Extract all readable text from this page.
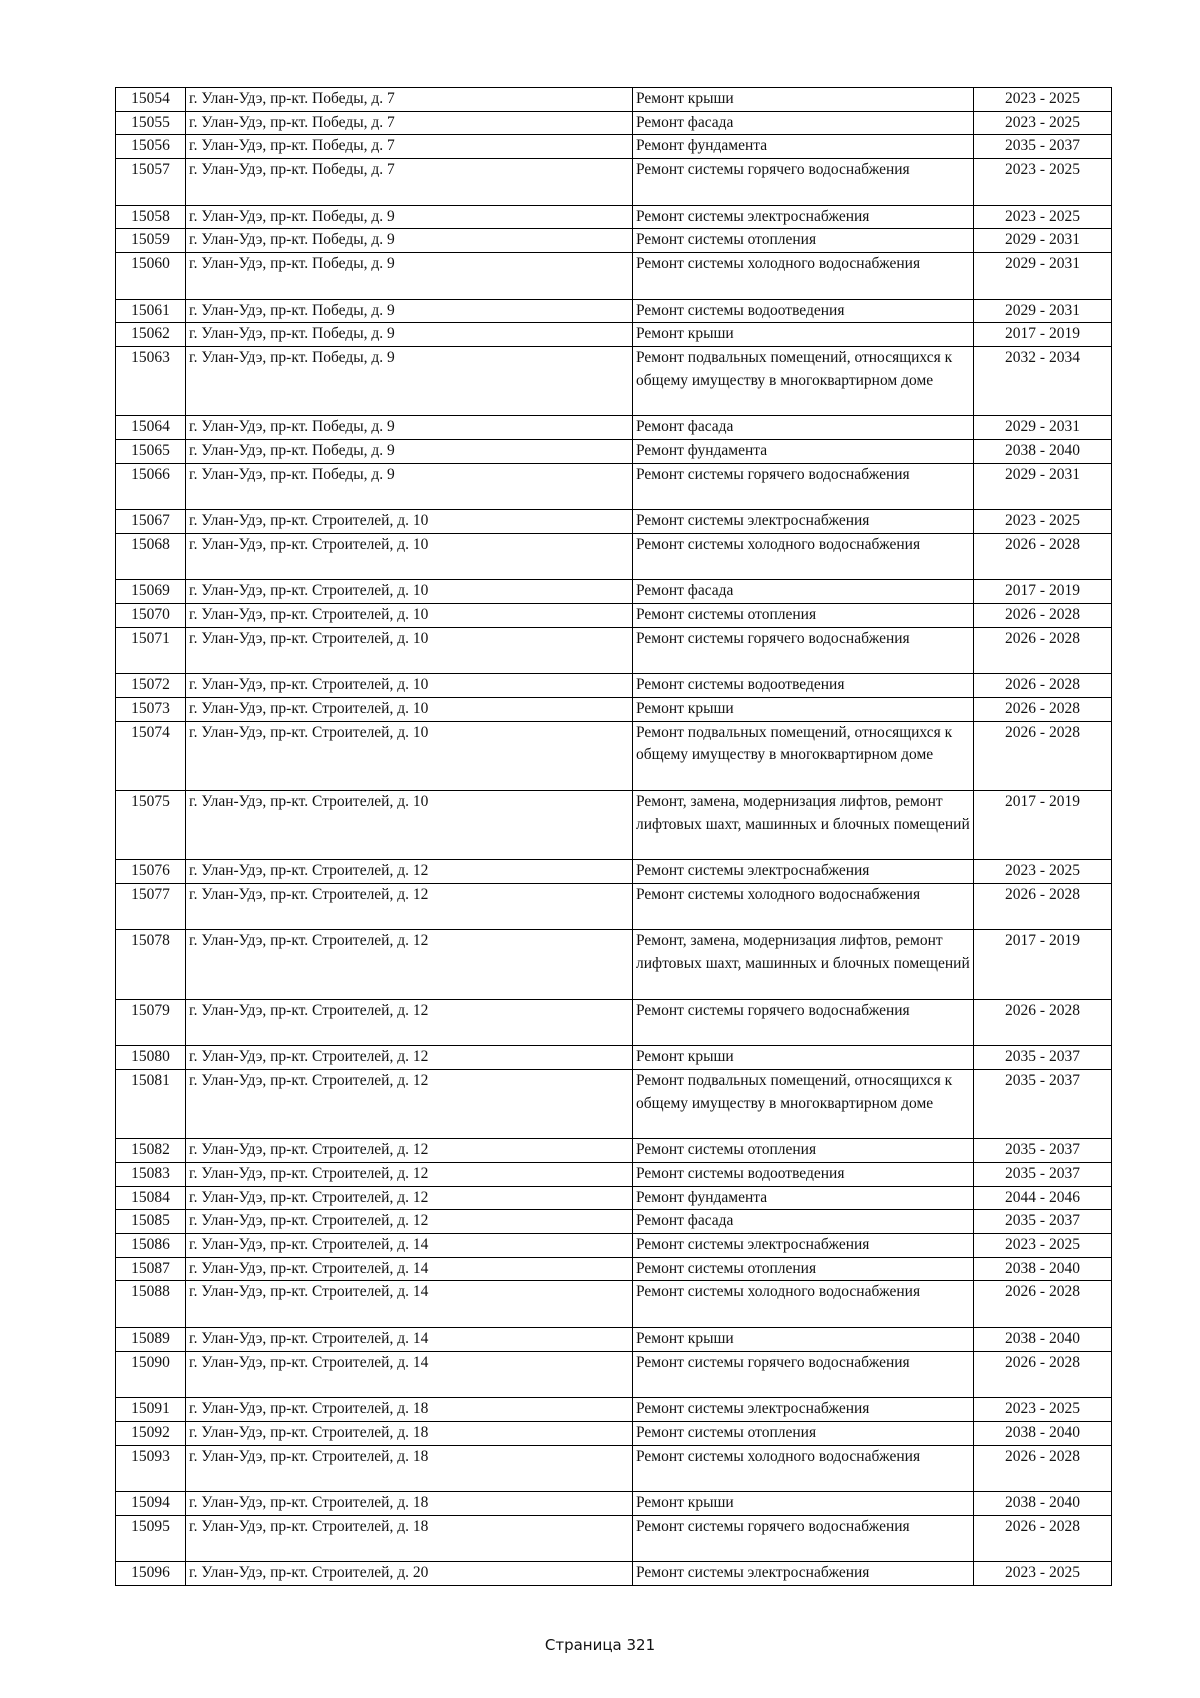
15054	г. Улан-Удэ, пр-кт. Победы, д. 7	Ремонт крыши	2023 - 2025
15055	г. Улан-Удэ, пр-кт. Победы, д. 7	Ремонт фасада	2023 - 2025
15056	г. Улан-Удэ, пр-кт. Победы, д. 7	Ремонт фундамента	2035 - 2037
15057	г. Улан-Удэ, пр-кт. Победы, д. 7	Ремонт системы горячего водоснабжения	2023 - 2025
15058	г. Улан-Удэ, пр-кт. Победы, д. 9	Ремонт системы электроснабжения	2023 - 2025
15059	г. Улан-Удэ, пр-кт. Победы, д. 9	Ремонт системы отопления	2029 - 2031
15060	г. Улан-Удэ, пр-кт. Победы, д. 9	Ремонт системы холодного водоснабжения	2029 - 2031
15061	г. Улан-Удэ, пр-кт. Победы, д. 9	Ремонт системы водоотведения	2029 - 2031
15062	г. Улан-Удэ, пр-кт. Победы, д. 9	Ремонт крыши	2017 - 2019
15063	г. Улан-Удэ, пр-кт. Победы, д. 9	Ремонт подвальных помещений, относящихся к общему имуществу в многоквартирном доме	2032 - 2034
15064	г. Улан-Удэ, пр-кт. Победы, д. 9	Ремонт фасада	2029 - 2031
15065	г. Улан-Удэ, пр-кт. Победы, д. 9	Ремонт фундамента	2038 - 2040
15066	г. Улан-Удэ, пр-кт. Победы, д. 9	Ремонт системы горячего водоснабжения	2029 - 2031
15067	г. Улан-Удэ, пр-кт. Строителей, д. 10	Ремонт системы электроснабжения	2023 - 2025
15068	г. Улан-Удэ, пр-кт. Строителей, д. 10	Ремонт системы холодного водоснабжения	2026 - 2028
15069	г. Улан-Удэ, пр-кт. Строителей, д. 10	Ремонт фасада	2017 - 2019
15070	г. Улан-Удэ, пр-кт. Строителей, д. 10	Ремонт системы отопления	2026 - 2028
15071	г. Улан-Удэ, пр-кт. Строителей, д. 10	Ремонт системы горячего водоснабжения	2026 - 2028
15072	г. Улан-Удэ, пр-кт. Строителей, д. 10	Ремонт системы водоотведения	2026 - 2028
15073	г. Улан-Удэ, пр-кт. Строителей, д. 10	Ремонт крыши	2026 - 2028
15074	г. Улан-Удэ, пр-кт. Строителей, д. 10	Ремонт подвальных помещений, относящихся к общему имуществу в многоквартирном доме	2026 - 2028
15075	г. Улан-Удэ, пр-кт. Строителей, д. 10	Ремонт, замена, модернизация лифтов, ремонт лифтовых шахт, машинных и блочных помещений	2017 - 2019
15076	г. Улан-Удэ, пр-кт. Строителей, д. 12	Ремонт системы электроснабжения	2023 - 2025
15077	г. Улан-Удэ, пр-кт. Строителей, д. 12	Ремонт системы холодного водоснабжения	2026 - 2028
15078	г. Улан-Удэ, пр-кт. Строителей, д. 12	Ремонт, замена, модернизация лифтов, ремонт лифтовых шахт, машинных и блочных помещений	2017 - 2019
15079	г. Улан-Удэ, пр-кт. Строителей, д. 12	Ремонт системы горячего водоснабжения	2026 - 2028
15080	г. Улан-Удэ, пр-кт. Строителей, д. 12	Ремонт крыши	2035 - 2037
15081	г. Улан-Удэ, пр-кт. Строителей, д. 12	Ремонт подвальных помещений, относящихся к общему имуществу в многоквартирном доме	2035 - 2037
15082	г. Улан-Удэ, пр-кт. Строителей, д. 12	Ремонт системы отопления	2035 - 2037
15083	г. Улан-Удэ, пр-кт. Строителей, д. 12	Ремонт системы водоотведения	2035 - 2037
15084	г. Улан-Удэ, пр-кт. Строителей, д. 12	Ремонт фундамента	2044 - 2046
15085	г. Улан-Удэ, пр-кт. Строителей, д. 12	Ремонт фасада	2035 - 2037
15086	г. Улан-Удэ, пр-кт. Строителей, д. 14	Ремонт системы электроснабжения	2023 - 2025
15087	г. Улан-Удэ, пр-кт. Строителей, д. 14	Ремонт системы отопления	2038 - 2040
15088	г. Улан-Удэ, пр-кт. Строителей, д. 14	Ремонт системы холодного водоснабжения	2026 - 2028
15089	г. Улан-Удэ, пр-кт. Строителей, д. 14	Ремонт крыши	2038 - 2040
15090	г. Улан-Удэ, пр-кт. Строителей, д. 14	Ремонт системы горячего водоснабжения	2026 - 2028
15091	г. Улан-Удэ, пр-кт. Строителей, д. 18	Ремонт системы электроснабжения	2023 - 2025
15092	г. Улан-Удэ, пр-кт. Строителей, д. 18	Ремонт системы отопления	2038 - 2040
15093	г. Улан-Удэ, пр-кт. Строителей, д. 18	Ремонт системы холодного водоснабжения	2026 - 2028
15094	г. Улан-Удэ, пр-кт. Строителей, д. 18	Ремонт крыши	2038 - 2040
15095	г. Улан-Удэ, пр-кт. Строителей, д. 18	Ремонт системы горячего водоснабжения	2026 - 2028
15096	г. Улан-Удэ, пр-кт. Строителей, д. 20	Ремонт системы электроснабжения	2023 - 2025
Страница 321
